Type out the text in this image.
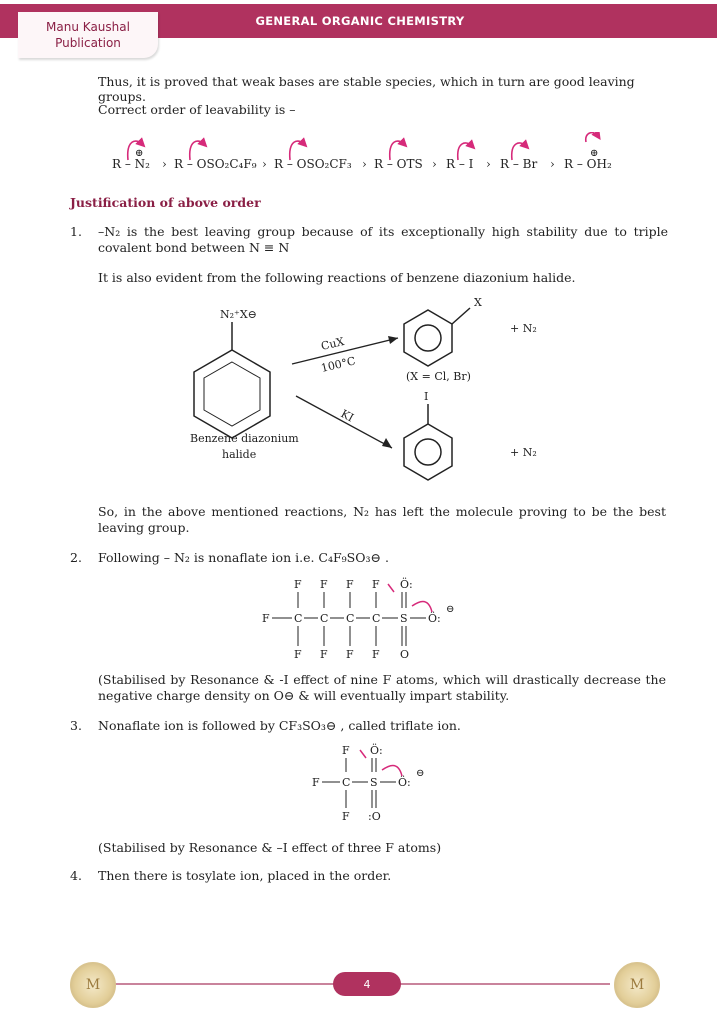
Manu Kaushal
Publication
GENERAL ORGANIC CHEMISTRY

Thus, it is proved that weak bases are stable species, which in turn are good leaving groups.

Correct order of leavability is –

R – N₂ › R – OSO₂C₄F₉ › R – OSO₂CF₃ › R – OTS › R – I › R – Br › R – OH₂
⊕	⊕
Justification of above order
1. –N₂ is the best leaving group because of its exceptionally high stability due to triple covalent bond between N ≡ N

It is also evident from the following reactions of benzene diazonium halide.

N₂⁺X⊖
Benzene diazonium
halide
CuX
100°C
X
(X = Cl, Br)
+ N₂
KI
I
+ N₂

So, in the above mentioned reactions, N₂ has left the molecule proving to be the best leaving group.

2. Following – N₂ is nonaflate ion i.e. C₄F₉SO₃⊖ .
F C C C C S
F F F F
F F F F
Ö:
O
Ö:
⊖

(Stabilised by Resonance & -I effect of nine F atoms, which will drastically decrease the negative charge density on O⊖ & will eventually impart stability.

3. Nonaflate ion is followed by CF₃SO₃⊖ , called triflate ion.
F C S
F
F
Ö:
:O
Ö:
⊖

(Stabilised by Resonance & –I effect of three F atoms)

4. Then there is tosylate ion, placed in the order.
M	4	M
